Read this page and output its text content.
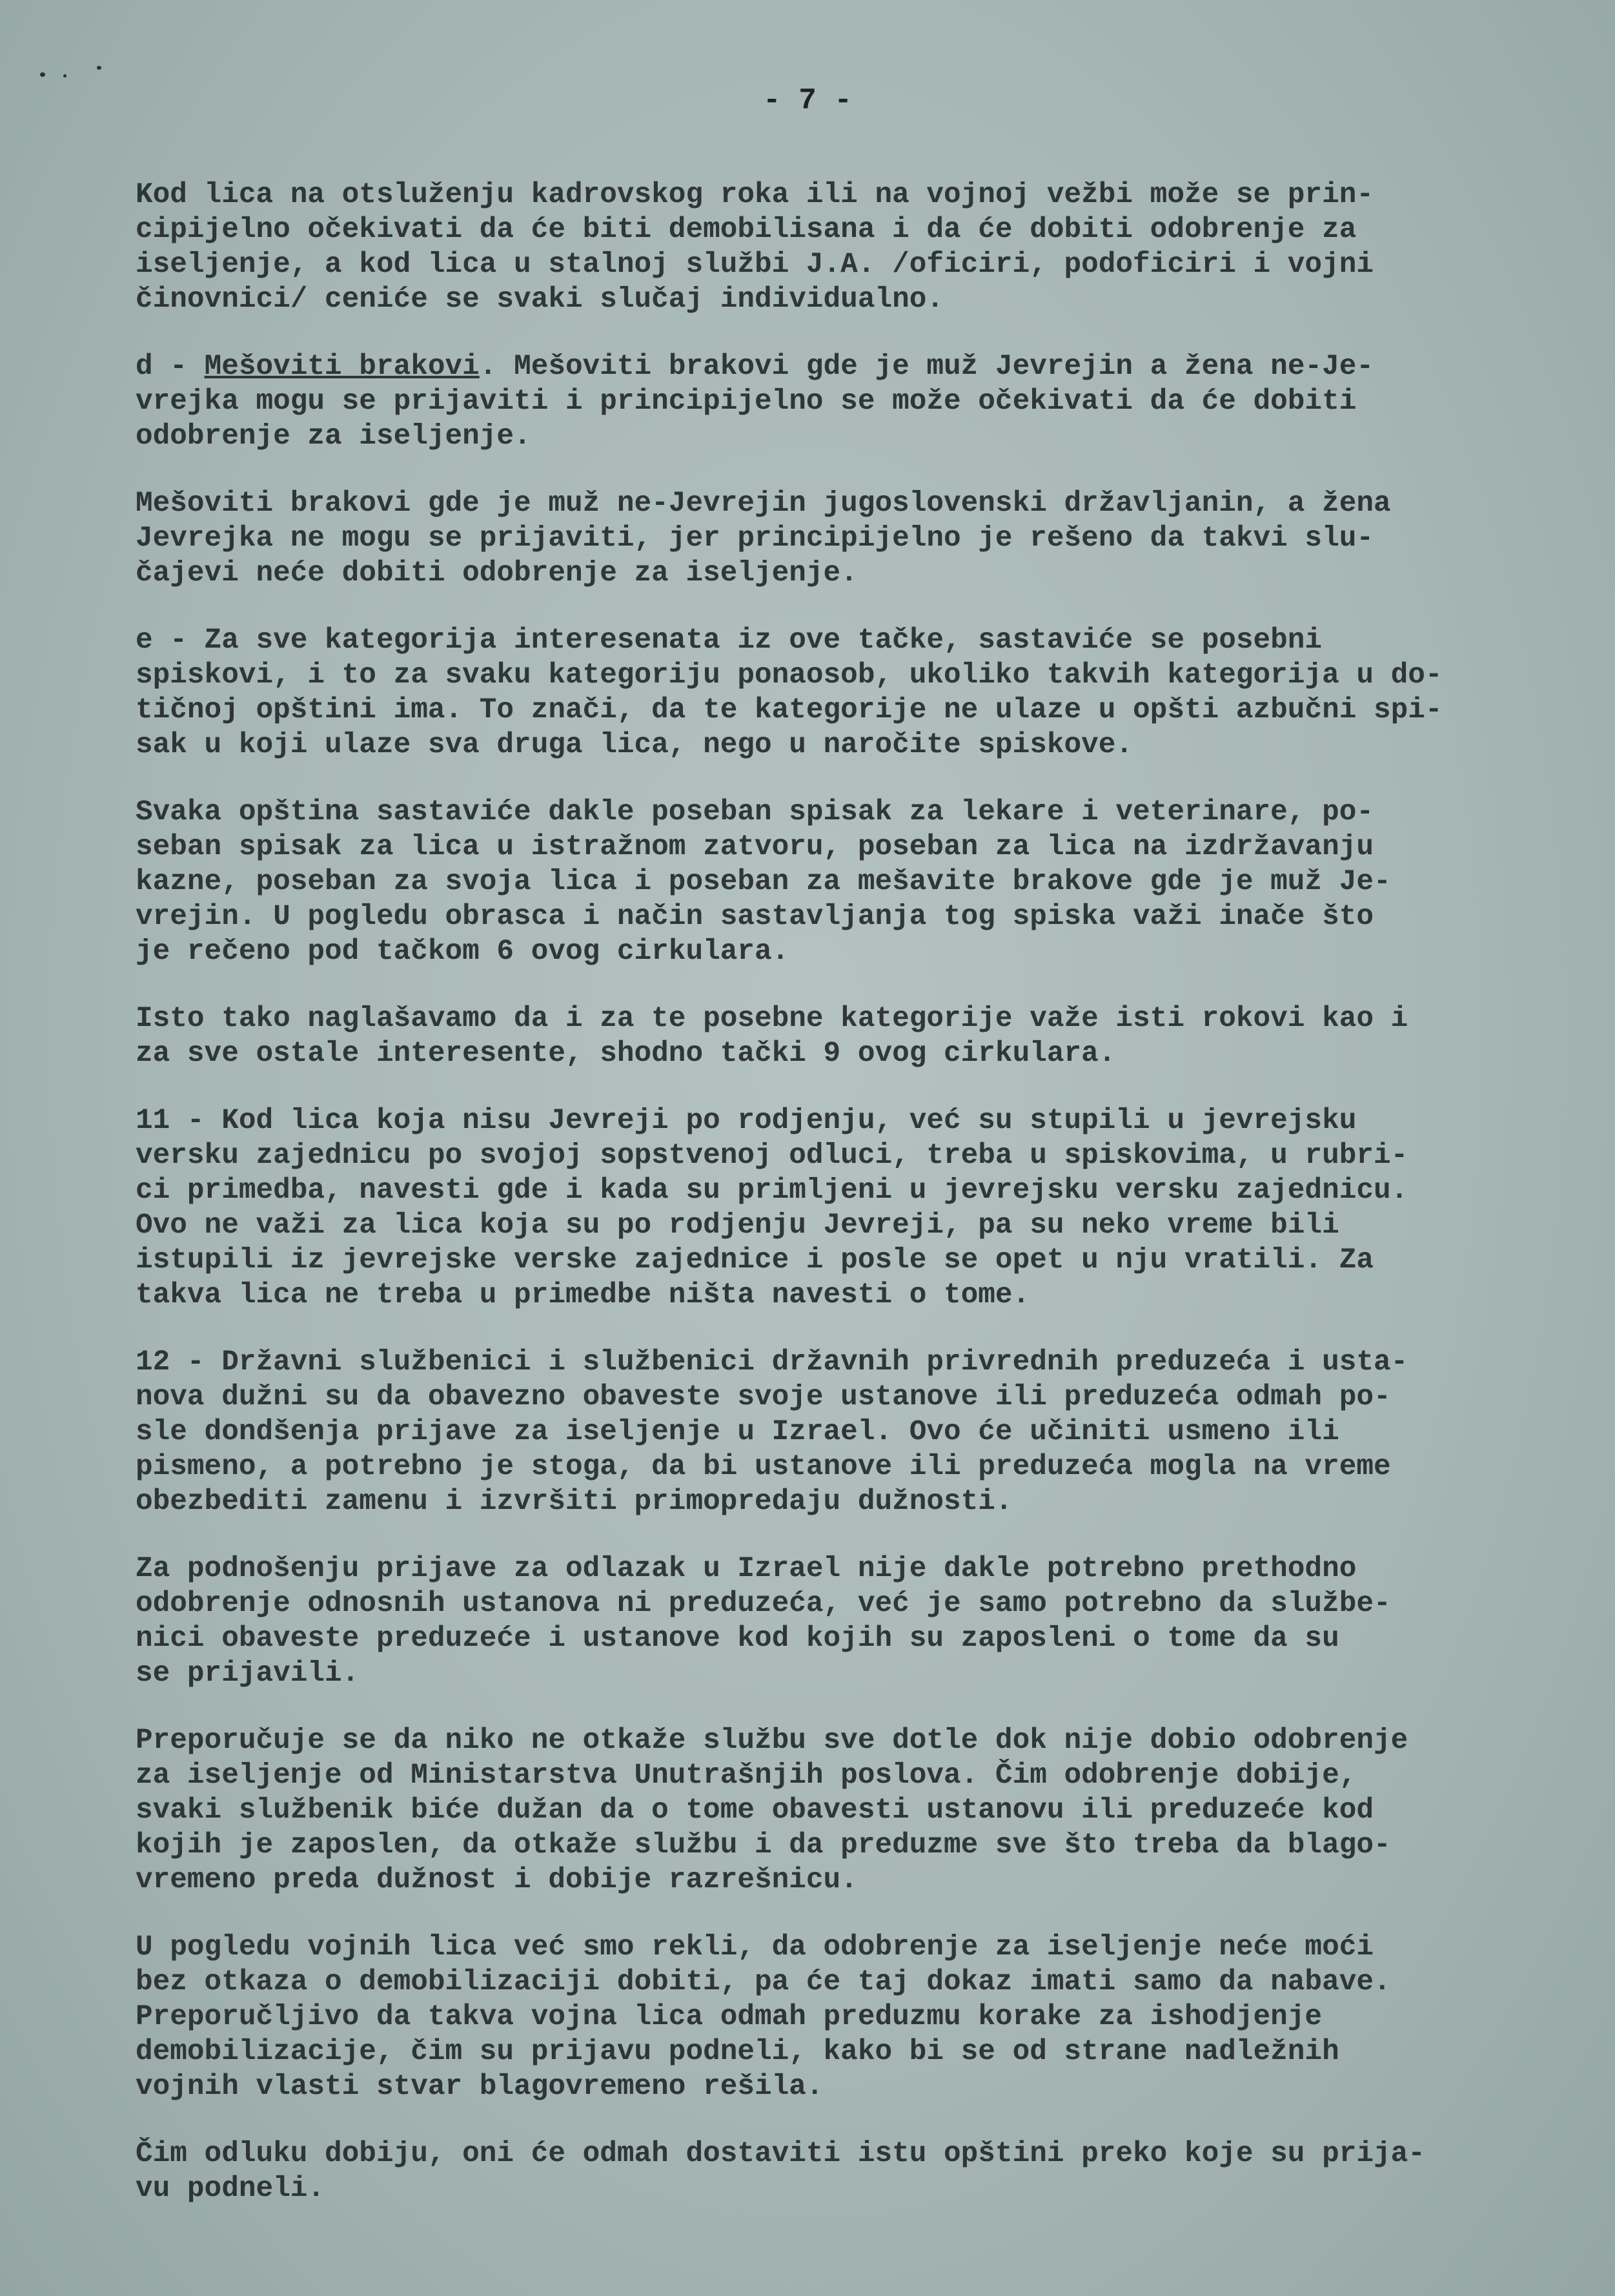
- 7 -
Kod lica na otsluženju kadrovskog roka ili na vojnoj vežbi može se prin-
cipijelno očekivati da će biti demobilisana i da će dobiti odobrenje za
iseljenje, a kod lica u stalnoj službi J.A. /oficiri, podoficiri i vojni
činovnici/ ceniće se svaki slučaj individualno.
d - Mešoviti brakovi. Mešoviti brakovi gde je muž Jevrejin a žena ne-Je-
vrejka mogu se prijaviti i principijelno se može očekivati da će dobiti
odobrenje za iseljenje.
Mešoviti brakovi gde je muž ne-Jevrejin jugoslovenski državljanin, a žena
Jevrejka ne mogu se prijaviti, jer principijelno je rešeno da takvi slu-
čajevi neće dobiti odobrenje za iseljenje.
e - Za sve kategorija interesenata iz ove tačke, sastaviće se posebni
spiskovi, i to za svaku kategoriju ponaosob, ukoliko takvih kategorija u do-
tičnoj opštini ima. To znači, da te kategorije ne ulaze u opšti azbučni spi-
sak u koji ulaze sva druga lica, nego u naročite spiskove.
Svaka opština sastaviće dakle poseban spisak za lekare i veterinare, po-
seban spisak za lica u istražnom zatvoru, poseban za lica na izdržavanju
kazne, poseban za svoja lica i poseban za mešavite brakove gde je muž Je-
vrejin. U pogledu obrasca i način sastavljanja tog spiska važi inače što
je rečeno pod tačkom 6 ovog cirkulara.
Isto tako naglašavamo da i za te posebne kategorije važe isti rokovi kao i
za sve ostale interesente, shodno tački 9 ovog cirkulara.
11 - Kod lica koja nisu Jevreji po rodjenju, već su stupili u jevrejsku
versku zajednicu po svojoj sopstvenoj odluci, treba u spiskovima, u rubri-
ci primedba, navesti gde i kada su primljeni u jevrejsku versku zajednicu.
Ovo ne važi za lica koja su po rodjenju Jevreji, pa su neko vreme bili
istupili iz jevrejske verske zajednice i posle se opet u nju vratili. Za
takva lica ne treba u primedbe ništa navesti o tome.
12 - Državni službenici i službenici državnih privrednih preduzeća i usta-
nova dužni su da obavezno obaveste svoje ustanove ili preduzeća odmah po-
sle dondšenja prijave za iseljenje u Izrael. Ovo će učiniti usmeno ili
pismeno, a potrebno je stoga, da bi ustanove ili preduzeća mogla na vreme
obezbediti zamenu i izvršiti primopredaju dužnosti.
Za podnošenju prijave za odlazak u Izrael nije dakle potrebno prethodno
odobrenje odnosnih ustanova ni preduzeća, već je samo potrebno da službe-
nici obaveste preduzeće i ustanove kod kojih su zaposleni o tome da su
se prijavili.
Preporučuje se da niko ne otkaže službu sve dotle dok nije dobio odobrenje
za iseljenje od Ministarstva Unutrašnjih poslova. Čim odobrenje dobije,
svaki službenik biće dužan da o tome obavesti ustanovu ili preduzeće kod
kojih je zaposlen, da otkaže službu i da preduzme sve što treba da blago-
vremeno preda dužnost i dobije razrešnicu.
U pogledu vojnih lica već smo rekli, da odobrenje za iseljenje neće moći
bez otkaza o demobilizaciji dobiti, pa će taj dokaz imati samo da nabave.
Preporučljivo da takva vojna lica odmah preduzmu korake za ishodjenje
demobilizacije, čim su prijavu podneli, kako bi se od strane nadležnih
vojnih vlasti stvar blagovremeno rešila.
Čim odluku dobiju, oni će odmah dostaviti istu opštini preko koje su prija-
vu podneli.
